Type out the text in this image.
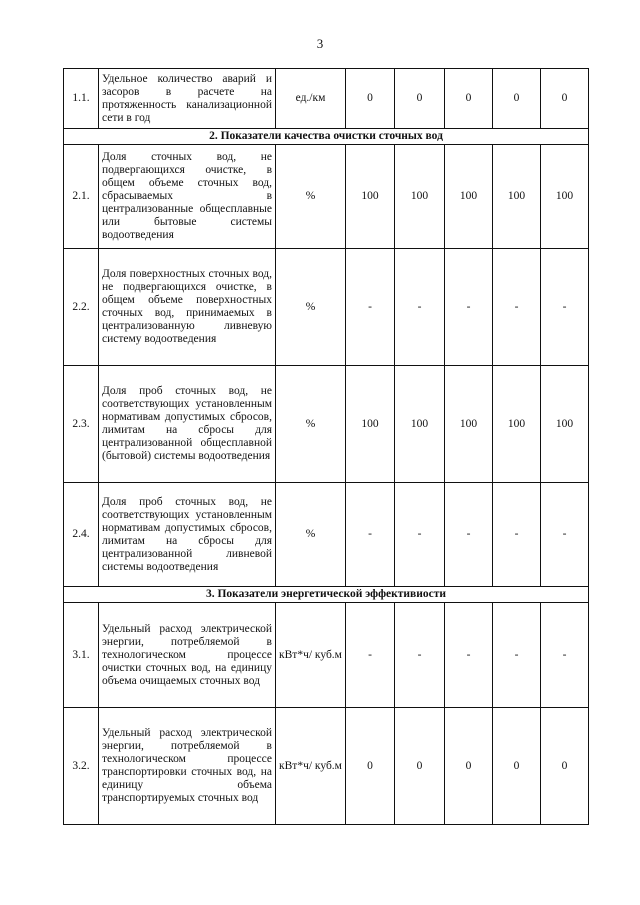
3
1.1.	Удельное количество аварий и засоров в расчете на протяженность канализационной сети в год	ед./км	0	0	0	0	0
2. Показатели качества очистки сточных вод							
2.1.	Доля сточных вод, не подвергающихся очистке, в общем объеме сточных вод, сбрасываемых в централизованные общесплавные или бытовые системы водоотведения	%	100	100	100	100	100
2.2.	Доля поверхностных сточных вод, не подвергающихся очистке, в общем объеме поверхностных сточных вод, принимаемых в централизованную ливневую систему водоотведения	%	-	-	-	-	-
2.3.	Доля проб сточных вод, не соответствующих установленным нормативам допустимых сбросов, лимитам на сбросы для централизованной общесплавной (бытовой) системы водоотведения	%	100	100	100	100	100
2.4.	Доля проб сточных вод, не соответствующих установленным нормативам допустимых сбросов, лимитам на сбросы для централизованной ливневой системы водоотведения	%	-	-	-	-	-
3. Показатели энергетической эффективиости							
3.1.	Удельный расход электрической энергии, потребляемой в технологическом процессе очистки сточных вод, на единицу объема очищаемых сточных вод	кВт*ч/ куб.м	-	-	-	-	-
3.2.	Удельный расход электрической энергии, потребляемой в технологическом процессе транспортировки сточных вод, на единицу объема транспортируемых сточных вод	кВт*ч/ куб.м	0	0	0	0	0
